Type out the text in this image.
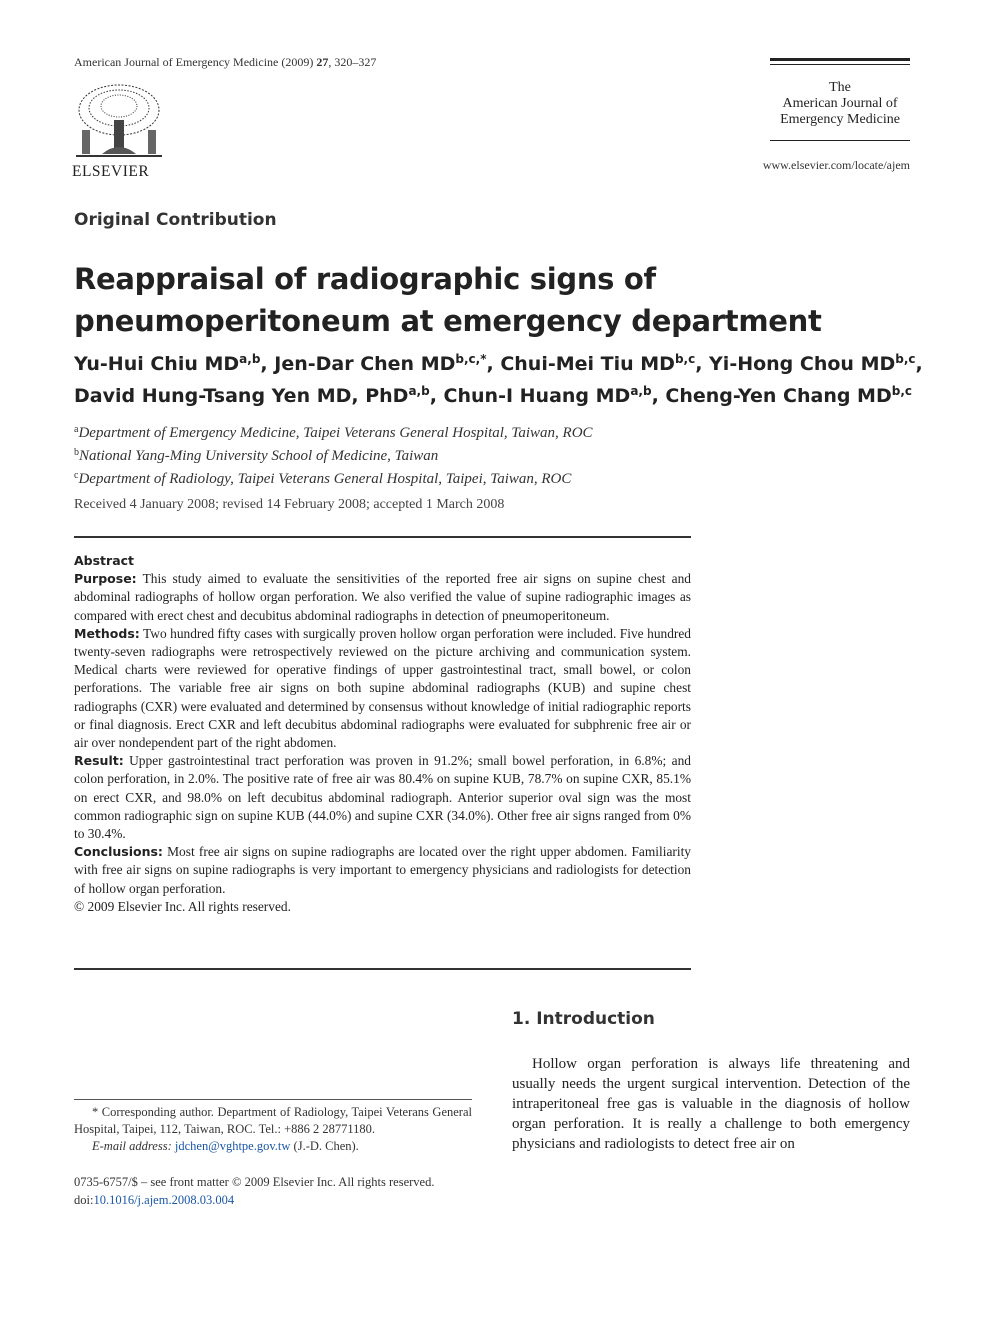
American Journal of Emergency Medicine (2009) 27, 320–327
ELSEVIER
The
American Journal of
Emergency Medicine
www.elsevier.com/locate/ajem
Original Contribution
Reappraisal of radiographic signs of pneumoperitoneum at emergency department
Yu-Hui Chiu MD$^{a,b}$, Jen-Dar Chen $MD^{b,c,*}$, Chui-Mei Tiu MD$^{b,c}$, Yi-Hong Chou MD$^{b,c}$,
David Hung-Tsang Yen MD, PhD$^{a,b}$, Chun-I Huang MD$^{a,b}$, Cheng-Yen Chang MD$^{b,c}$
$^a$Department of Emergency Medicine, Taipei Veterans General Hospital, Taiwan, ROC
$^b$National Yang-Ming University School of Medicine, Taiwan
$^c$Department of Radiology, Taipei Veterans General Hospital, Taipei, Taiwan, ROC
Received 4 January 2008; revised 14 February 2008; accepted 1 March 2008

Abstract

Purpose: This study aimed to evaluate the sensitivities of the reported free air signs on supine chest and abdominal radiographs of hollow organ perforation. We also verified the value of supine radiographic images as compared with erect chest and decubitus abdominal radiographs in detection of pneumoperitoneum.

Methods: Two hundred fifty cases with surgically proven hollow organ perforation were included. Five hundred twenty-seven radiographs were retrospectively reviewed on the picture archiving and communication system. Medical charts were reviewed for operative findings of upper gastrointestinal tract, small bowel, or colon perforations. The variable free air signs on both supine abdominal radiographs (KUB) and supine chest radiographs (CXR) were evaluated and determined by consensus without knowledge of initial radiographic reports or final diagnosis. Erect CXR and left decubitus abdominal radiographs were evaluated for subphrenic free air or air over nondependent part of the right abdomen.

Result: Upper gastrointestinal tract perforation was proven in 91.2%; small bowel perforation, in 6.8%; and colon perforation, in 2.0%. The positive rate of free air was 80.4% on supine KUB, 78.7% on supine CXR, 85.1% on erect CXR, and 98.0% on left decubitus abdominal radiograph. Anterior superior oval sign was the most common radiographic sign on supine KUB (44.0%) and supine CXR (34.0%). Other free air signs ranged from 0% to 30.4%.

Conclusions: Most free air signs on supine radiographs are located over the right upper abdomen. Familiarity with free air signs on supine radiographs is very important to emergency physicians and radiologists for detection of hollow organ perforation.

© 2009 Elsevier Inc. All rights reserved.

1. Introduction
Hollow organ perforation is always life threatening and usually needs the urgent surgical intervention. Detection of the intraperitoneal free gas is valuable in the diagnosis of hollow organ perforation. It is really a challenge to both emergency physicians and radiologists to detect free air on
* Corresponding author. Department of Radiology, Taipei Veterans General Hospital, Taipei, 112, Taiwan, ROC. Tel.: +886 2 28771180.
E-mail address: jdchen@vghtpe.gov.tw (J.-D. Chen).
0735-6757/$ – see front matter © 2009 Elsevier Inc. All rights reserved.
doi:10.1016/j.ajem.2008.03.004
